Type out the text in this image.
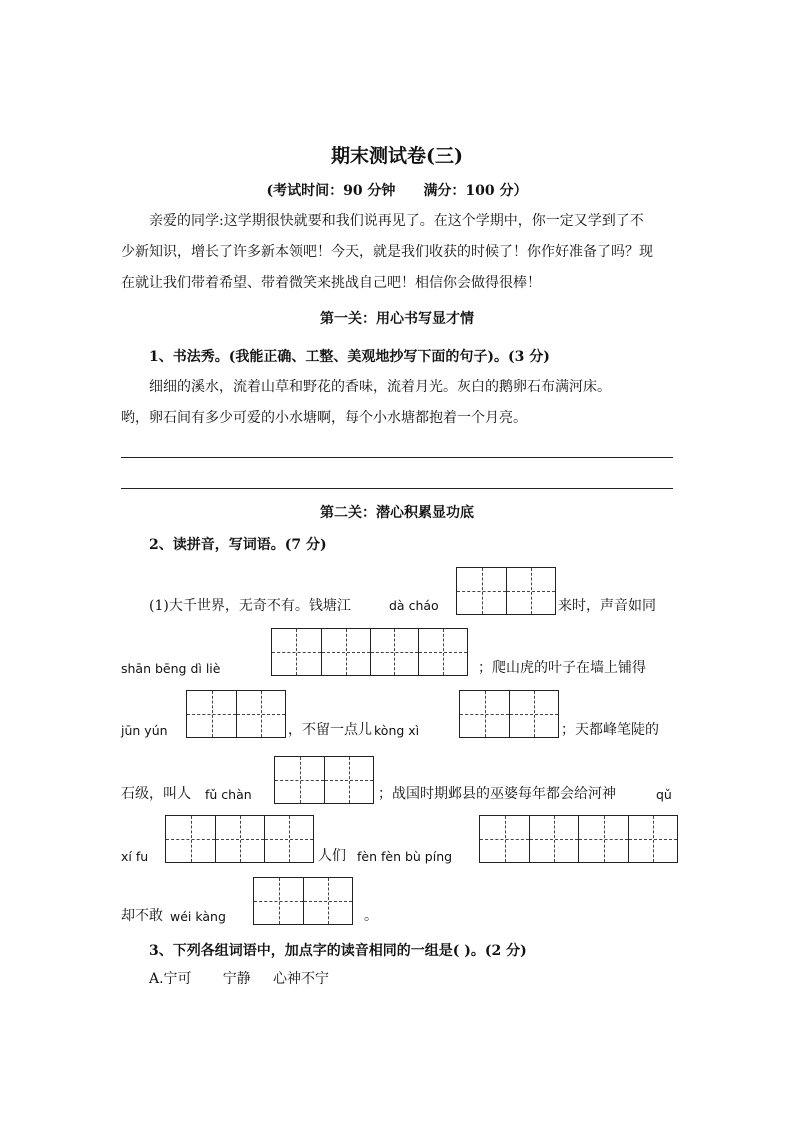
期末测试卷(三)
(考试时间：90 分钟 满分：100 分）
亲爱的同学:这学期很快就要和我们说再见了。在这个学期中，你一定又学到了不
少新知识，增长了许多新本领吧！今天，就是我们收获的时候了！你作好准备了吗？现
在就让我们带着希望、带着微笑来挑战自己吧！相信你会做得很棒！
第一关：用心书写显才情
1、书法秀。(我能正确、工整、美观地抄写下面的句子)。(3 分)
细细的溪水，流着山草和野花的香味，流着月光。灰白的鹅卵石布满河床。
哟，卵石间有多少可爱的小水塘啊，每个小水塘都抱着一个月亮。
第二关：潜心积累显功底
2、读拼音，写词语。(7 分)
(1)大千世界，无奇不有。钱塘江	dà cháo	来时，声音如同
shān bēng dì liè	；爬山虎的叶子在墙上铺得
jūn yún	，不留一点儿 kòng xì	；天都峰笔陡的
石级，叫人 fǔ chàn	；战国时期邺县的巫婆每年都会给河神	qǔ
xí fu	人们 fèn fèn bù píng
却不敢 wéi kàng	。
3、下列各组词语中，加点字的读音相同的一组是( )。(2 分)
A.宁可       宁静     心神不宁
